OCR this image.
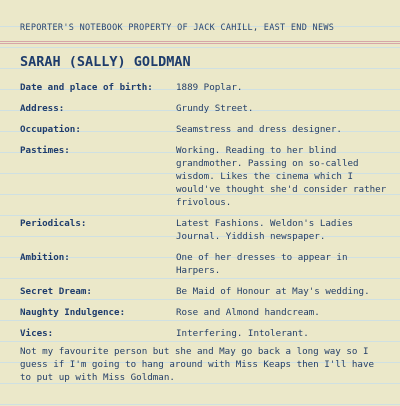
REPORTER'S NOTEBOOK PROPERTY OF JACK CAHILL, EAST END NEWS
SARAH (SALLY) GOLDMAN
Date and place of birth:	1889 Poplar.
Address:	Grundy Street.
Occupation:	Seamstress and dress designer.
Pastimes:	Working. Reading to her blind
grandmother. Passing on so-called
wisdom. Likes the cinema which I
would've thought she'd consider rather
frivolous.
Periodicals:	Latest Fashions. Weldon's Ladies
Journal. Yiddish newspaper.
Ambition:	One of her dresses to appear in
Harpers.
Secret Dream:	Be Maid of Honour at May's wedding.
Naughty Indulgence:	Rose and Almond handcream.
Vices:	Interfering. Intolerant.
Not my favourite person but she and May go back a long way so I guess if I'm going to hang around with Miss Keaps then I'll have to put up with Miss Goldman.
